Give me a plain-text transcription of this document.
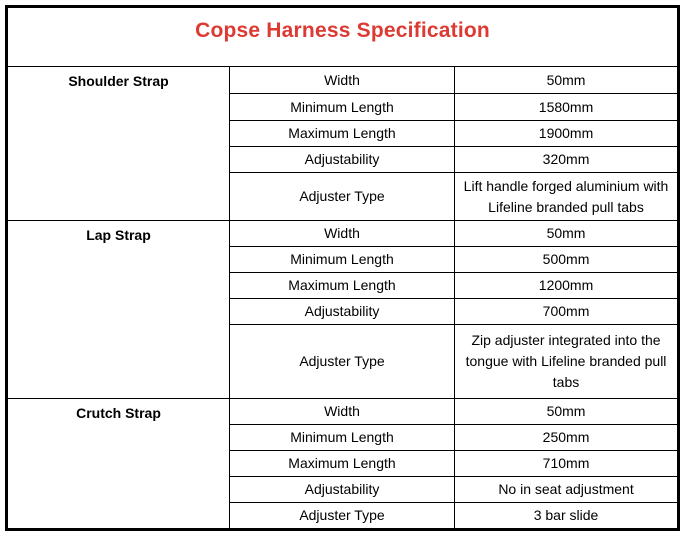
Copse Harness Specification		
Shoulder Strap	Width	50mm
	Minimum Length	1580mm
	Maximum Length	1900mm
	Adjustability	320mm
	Adjuster Type	Lift handle forged aluminium with Lifeline branded pull tabs
Lap Strap	Width	50mm
	Minimum Length	500mm
	Maximum Length	1200mm
	Adjustability	700mm
	Adjuster Type	Zip adjuster integrated into the tongue with Lifeline branded pull tabs
Crutch Strap	Width	50mm
	Minimum Length	250mm
	Maximum Length	710mm
	Adjustability	No in seat adjustment
	Adjuster Type	3 bar slide
